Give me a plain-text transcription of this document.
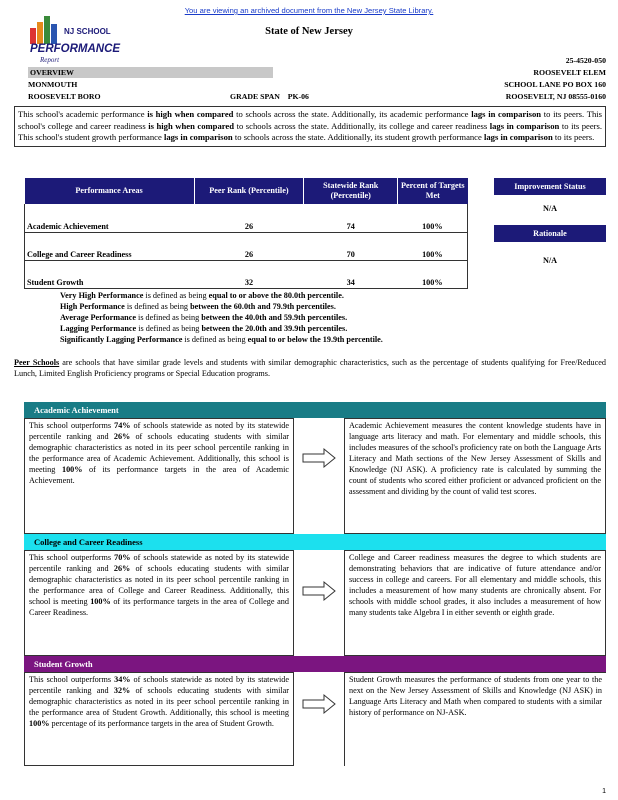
You are viewing an archived document from the New Jersey State Library.
NJ SCHOOL
PERFORMANCE
Report
State of New Jersey
25-4520-050
OVERVIEW	ROOSEVELT ELEM
MONMOUTH	SCHOOL LANE PO BOX 160
ROOSEVELT BORO	GRADE SPAN PK-06	ROOSEVELT, NJ 08555-0160
This school's academic performance is high when compared to schools across the state. Additionally, its academic performance lags in comparison to its peers. This school's college and career readiness is high when compared to schools across the state. Additionally, its college and career readiness lags in comparison to its peers. This school's student growth performance lags in comparison to schools across the state. Additionally, its student growth performance lags in comparison to its peers.
Performance Areas	Peer Rank (Percentile)	Statewide Rank (Percentile)	Percent of Targets Met
Academic Achievement	26	74	100%
College and Career Readiness	26	70	100%
Student Growth	32	34	100%
Improvement Status
N/A
Rationale
N/A
Very High Performance is defined as being equal to or above the 80.0th percentile.
High Performance is defined as being between the 60.0th and 79.9th percentiles.
Average Performance is defined as being between the 40.0th and 59.9th percentiles.
Lagging Performance is defined as being between the 20.0th and 39.9th percentiles.
Significantly Lagging Performance is defined as being equal to or below the 19.9th percentile.
Peer Schools are schools that have similar grade levels and students with similar demographic characteristics, such as the percentage of students qualifying for Free/Reduced Lunch, Limited English Proficiency programs or Special Education programs.
Academic Achievement
This school outperforms 74% of schools statewide as noted by its statewide percentile ranking and 26% of schools educating students with similar demographic characteristics as noted in its peer school percentile ranking in the performance area of Academic Achievement. Additionally, this school is meeting 100% of its performance targets in the area of Academic Achievement.
Academic Achievement measures the content knowledge students have in language arts literacy and math. For elementary and middle schools, this includes measures of the school's proficiency rate on both the Language Arts Literacy and Math sections of the New Jersey Assessment of Skills and Knowledge (NJ ASK). A proficiency rate is calculated by summing the count of students who scored either proficient or advanced proficient on the assessment and dividing by the count of valid test scores.
College and Career Readiness
This school outperforms 70% of schools statewide as noted by its statewide percentile ranking and 26% of schools educating students with similar demographic characteristics as noted in its peer school percentile ranking in the performance area of College and Career Readiness. Additionally, this school is meeting 100% of its performance targets in the area of College and Career Readiness.
College and Career readiness measures the degree to which students are demonstrating behaviors that are indicative of future attendance and/or success in college and careers. For all elementary and middle schools, this includes a measurement of how many students are chronically absent. For schools with middle school grades, it also includes a measurement of how many students take Algebra I in either seventh or eighth grade.
Student Growth
This school outperforms 34% of schools statewide as noted by its statewide percentile ranking and 32% of schools educating students with similar demographic characteristics as noted in its peer school percentile ranking in the performance area of Student Growth. Additionally, this school is meeting 100% percentage of its performance targets in the area of Student Growth.
Student Growth measures the performance of students from one year to the next on the New Jersey Assessment of Skills and Knowledge (NJ ASK) in Language Arts Literacy and Math when compared to students with a similar history of performance on NJ-ASK.
1
